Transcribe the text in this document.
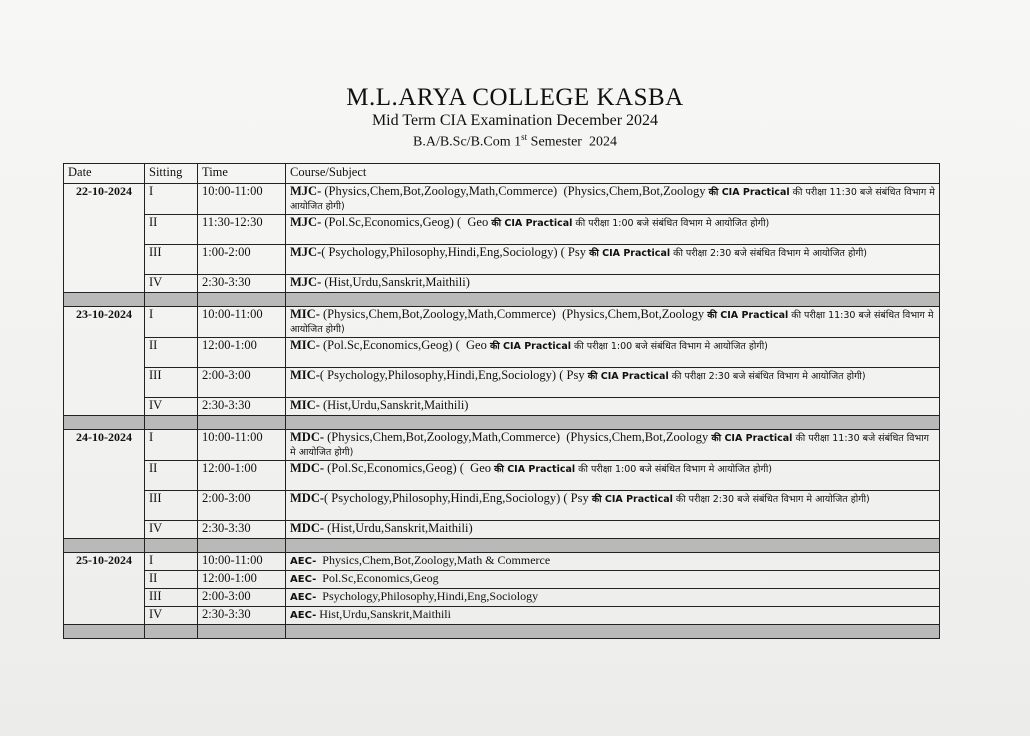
M.L.ARYA COLLEGE KASBA
Mid Term CIA Examination December 2024
B.A/B.Sc/B.Com 1st Semester  2024
Date	Sitting	Time	Course/Subject
22-10-2024	I	10:00-11:00	MJC- (Physics,Chem,Bot,Zoology,Math,Commerce)  (Physics,Chem,Bot,Zoology की CIA Practical की परीक्षा 11:30 बजे संबंधित विभाग मे आयोजित होगी)
	II	11:30-12:30	MJC- (Pol.Sc,Economics,Geog) (  Geo की CIA Practical की परीक्षा 1:00 बजे संबंधित विभाग मे आयोजित होगी)
	III	1:00-2:00	MJC-( Psychology,Philosophy,Hindi,Eng,Sociology) ( Psy की CIA Practical की परीक्षा 2:30 बजे संबंधित विभाग मे आयोजित होगी)
	IV	2:30-3:30	MJC- (Hist,Urdu,Sanskrit,Maithili)

23-10-2024	I	10:00-11:00	MIC- (Physics,Chem,Bot,Zoology,Math,Commerce)  (Physics,Chem,Bot,Zoology की CIA Practical की परीक्षा 11:30 बजे संबंधित विभाग मे आयोजित होगी)
	II	12:00-1:00	MIC- (Pol.Sc,Economics,Geog) (  Geo की CIA Practical की परीक्षा 1:00 बजे संबंधित विभाग मे आयोजित होगी)
	III	2:00-3:00	MIC-( Psychology,Philosophy,Hindi,Eng,Sociology) ( Psy की CIA Practical की परीक्षा 2:30 बजे संबंधित विभाग मे आयोजित होगी)
	IV	2:30-3:30	MIC- (Hist,Urdu,Sanskrit,Maithili)

24-10-2024	I	10:00-11:00	MDC- (Physics,Chem,Bot,Zoology,Math,Commerce)  (Physics,Chem,Bot,Zoology की CIA Practical की परीक्षा 11:30 बजे संबंधित विभाग मे आयोजित होगी)
	II	12:00-1:00	MDC- (Pol.Sc,Economics,Geog) (  Geo की CIA Practical की परीक्षा 1:00 बजे संबंधित विभाग मे आयोजित होगी)
	III	2:00-3:00	MDC-( Psychology,Philosophy,Hindi,Eng,Sociology) ( Psy की CIA Practical की परीक्षा 2:30 बजे संबंधित विभाग मे आयोजित होगी)
	IV	2:30-3:30	MDC- (Hist,Urdu,Sanskrit,Maithili)

25-10-2024	I	10:00-11:00	AEC-  Physics,Chem,Bot,Zoology,Math & Commerce
	II	12:00-1:00	AEC-  Pol.Sc,Economics,Geog
	III	2:00-3:00	AEC-  Psychology,Philosophy,Hindi,Eng,Sociology
	IV	2:30-3:30	AEC- Hist,Urdu,Sanskrit,Maithili
